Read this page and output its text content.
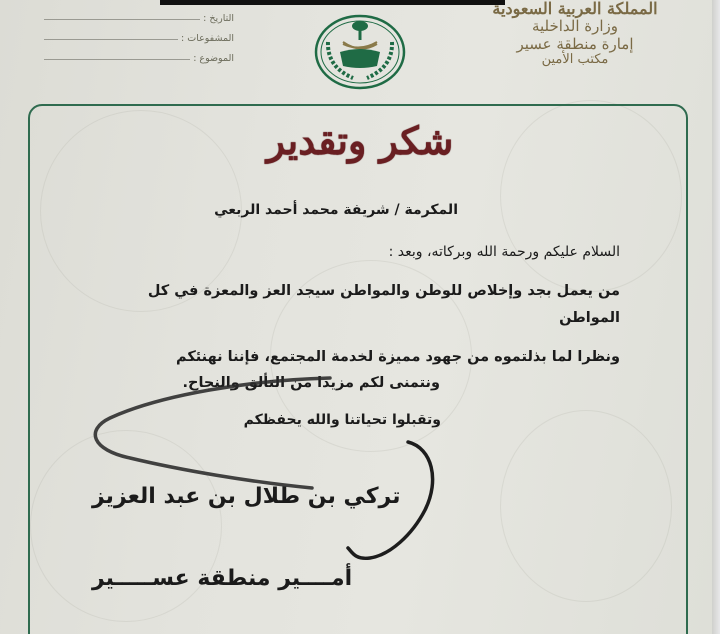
التاريخ :
المشفوعات :
الموضوع :
المملكة العربية السعودية
وزارة الداخلية
إمارة منطقة عسير
مكتب الأمين
شكر وتقدير
المكرمة / شريفة محمد أحمد الربعي
السلام عليكم ورحمة الله وبركاته، وبعد :
من يعمل بجد وإخلاص للوطن والمواطن سيجد العز والمعزة في كل
المواطن
ونظرا لما بذلتموه من جهود مميزة لخدمة المجتمع، فإننا نهنئكم
ونتمنى لكم مزيدا من التألق والنجاح.
وتقبلوا تحياتنا والله يحفظكم
تركي بن طلال بن عبد العزيز
أمــــير منطقة عســـــير
